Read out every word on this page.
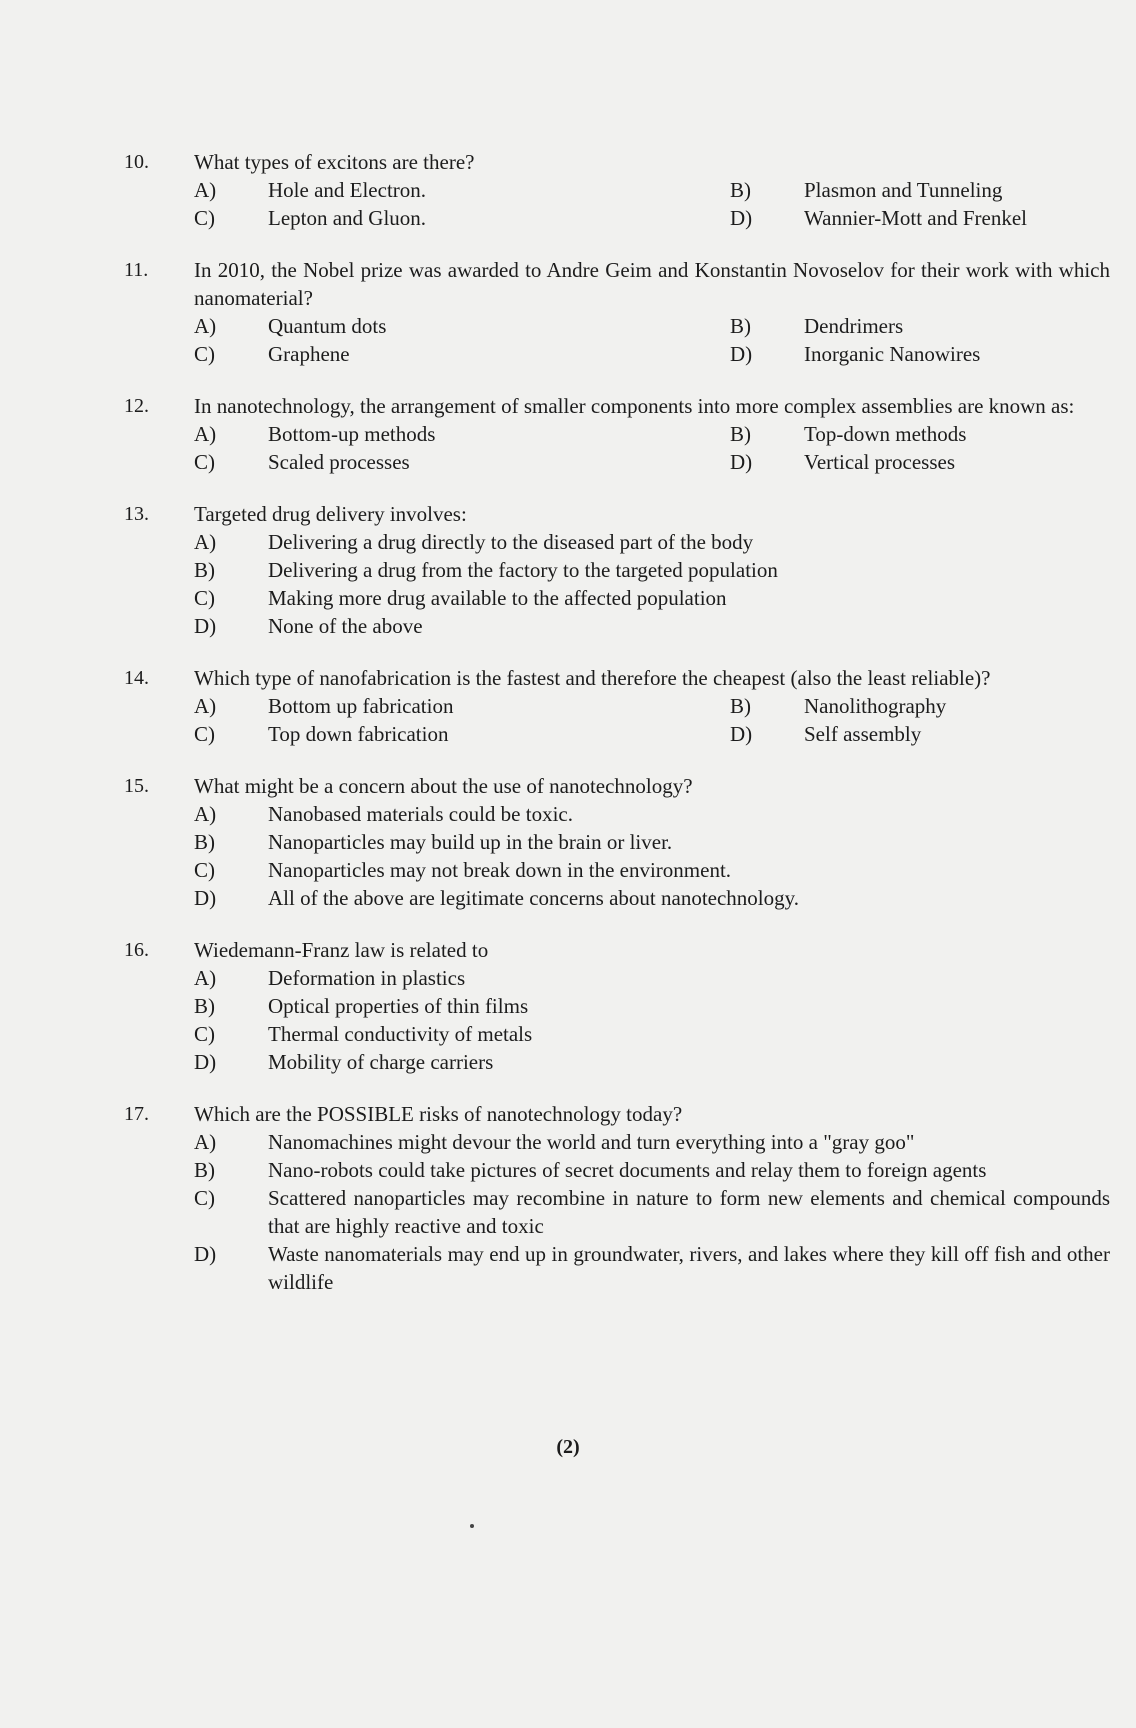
10.	What types of excitons are there?
A)	Hole and Electron.	B)	Plasmon and Tunneling
C)	Lepton and Gluon.	D)	Wannier-Mott and Frenkel
11.	In 2010, the Nobel prize was awarded to Andre Geim and Konstantin Novoselov for their work with which nanomaterial?
A)	Quantum dots	B)	Dendrimers
C)	Graphene	D)	Inorganic Nanowires
12.	In nanotechnology, the arrangement of smaller components into more complex assemblies are known as:
A)	Bottom-up methods	B)	Top-down methods
C)	Scaled processes	D)	Vertical processes
13.	Targeted drug delivery involves:
A)	Delivering a drug directly to the diseased part of the body
B)	Delivering a drug from the factory to the targeted population
C)	Making more drug available to the affected population
D)	None of the above
14.	Which type of nanofabrication is the fastest and therefore the cheapest (also the least reliable)?
A)	Bottom up fabrication	B)	Nanolithography
C)	Top down fabrication	D)	Self assembly
15.	What might be a concern about the use of nanotechnology?
A)	Nanobased materials could be toxic.
B)	Nanoparticles may build up in the brain or liver.
C)	Nanoparticles may not break down in the environment.
D)	All of the above are legitimate concerns about nanotechnology.
16.	Wiedemann-Franz law is related to
A)	Deformation in plastics
B)	Optical properties of thin films
C)	Thermal conductivity of metals
D)	Mobility of charge carriers
17.	Which are the POSSIBLE risks of nanotechnology today?
A)	Nanomachines might devour the world and turn everything into a "gray goo"
B)	Nano-robots could take pictures of secret documents and relay them to foreign agents
C)	Scattered nanoparticles may recombine in nature to form new elements and chemical compounds that are highly reactive and toxic
D)	Waste nanomaterials may end up in groundwater, rivers, and lakes where they kill off fish and other wildlife
(2)
